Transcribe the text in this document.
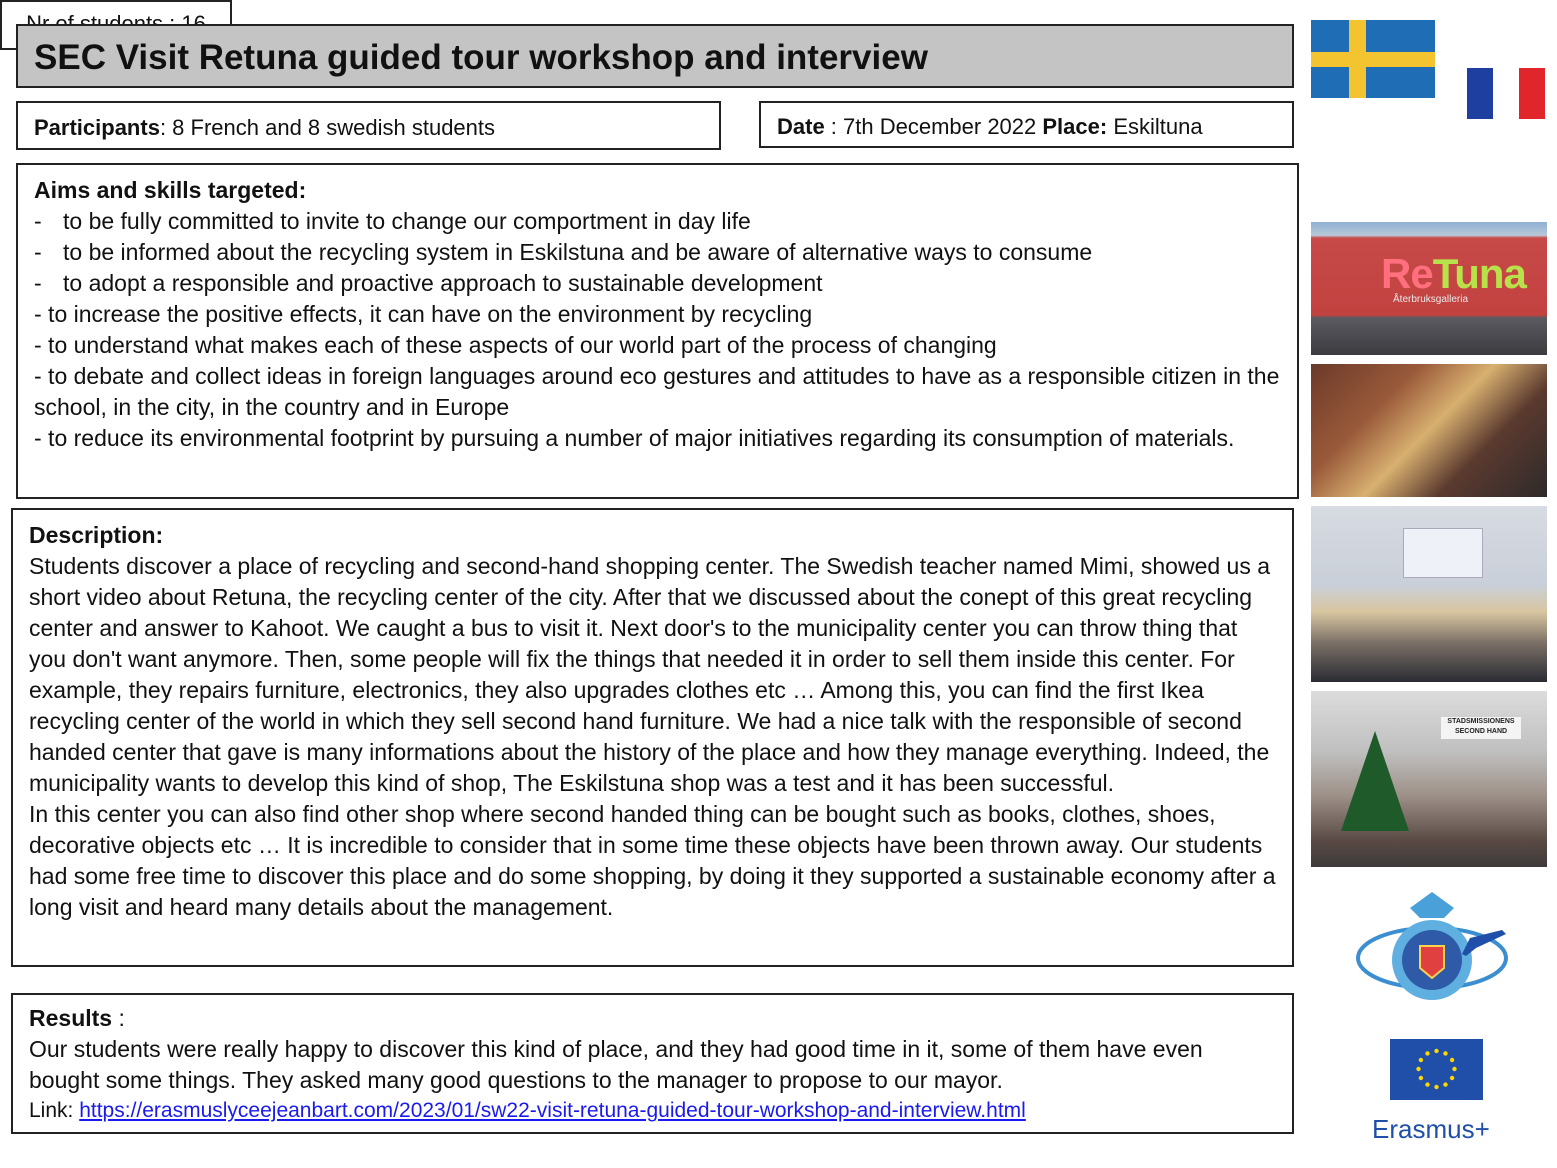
SEC Visit Retuna guided tour workshop and interview
Participants: 8 French and 8 swedish students	Date : 7th December 2022 Place: Eskiltuna
Aims and skills targeted:
- to be fully committed to invite to change our comportment in day life
- to be informed about the recycling system in Eskilstuna and be aware of alternative ways to consume
- to adopt a responsible and proactive approach to sustainable development
- to increase the positive effects, it can have on the environment by recycling
- to understand what makes each of these aspects of our world part of the process of changing
- to debate and collect ideas in foreign languages around eco gestures and attitudes to have as a responsible citizen in the school, in the city, in the country and in Europe
- to reduce its environmental footprint by pursuing a number of major initiatives regarding its consumption of materials.
Description:

Students discover a place of recycling and second-hand shopping center. The Swedish teacher named Mimi, showed us a short video about Retuna, the recycling center of the city. After that we discussed about the conept of this great recycling center and answer to Kahoot. We caught a bus to visit it. Next door's to the municipality center you can throw thing that you don't want anymore. Then, some people will fix the things that needed it in order to sell them inside this center. For example, they repairs furniture, electronics, they also upgrades clothes etc … Among this, you can find the first Ikea recycling center of the world in which they sell second hand furniture. We had a nice talk with the responsible of second handed center that gave is many informations about the history of the place and how they manage everything. Indeed, the municipality wants to develop this kind of shop, The Eskilstuna shop was a test and it has been successful.

In this center you can also find other shop where second handed thing can be bought such as books, clothes, shoes, decorative objects etc … It is incredible to consider that in some time these objects have been thrown away. Our students had some free time to discover this place and do some shopping, by doing it they supported a sustainable economy after a long visit and heard many details about the management.

Results :

Our students were really happy to discover this kind of place, and they had good time in it, some of them have even bought some things. They asked many good questions to the manager to propose to our mayor.

Link: https://erasmuslyceejeanbart.com/2023/01/sw22-visit-retuna-guided-tour-workshop-and-interview.html
ReTuna
Återbruksgalleria
STADSMISSIONENS SECOND HAND
Erasmus+
